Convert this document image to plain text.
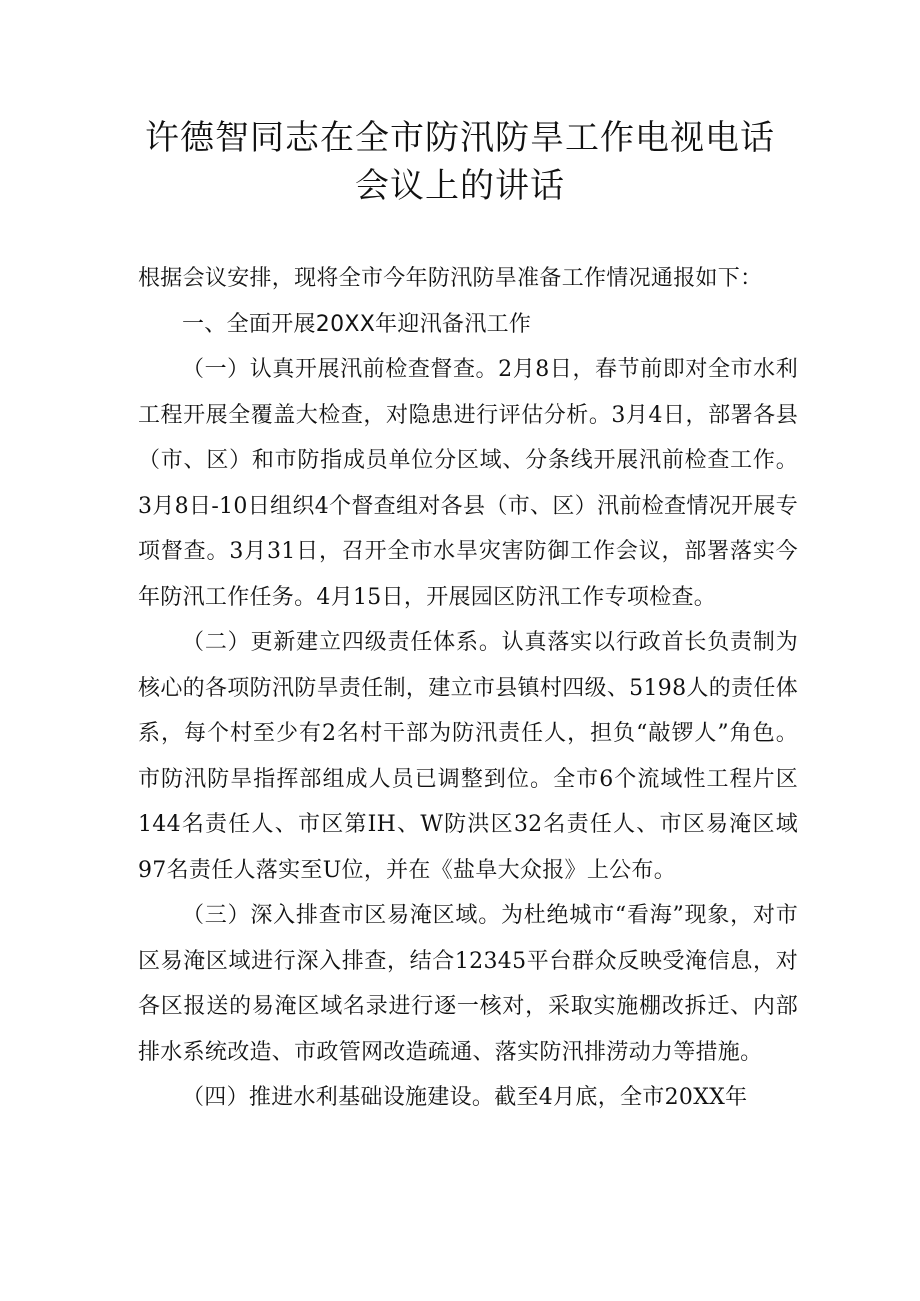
许德智同志在全市防汛防旱工作电视电话
会议上的讲话

根据会议安排，现将全市今年防汛防旱准备工作情况通报如下：

一、全面开展20XX年迎汛备汛工作

（一）认真开展汛前检查督查。2月8日，春节前即对全市水利工程开展全覆盖大检查，对隐患进行评估分析。3月4日，部署各县（市、区）和市防指成员单位分区域、分条线开展汛前检查工作。3月8日-10日组织4个督查组对各县（市、区）汛前检查情况开展专项督查。3月31日，召开全市水旱灾害防御工作会议，部署落实今年防汛工作任务。4月15日，开展园区防汛工作专项检查。

（二）更新建立四级责任体系。认真落实以行政首长负责制为核心的各项防汛防旱责任制，建立市县镇村四级、5198人的责任体系，每个村至少有2名村干部为防汛责任人，担负“敲锣人”角色。市防汛防旱指挥部组成人员已调整到位。全市6个流域性工程片区144名责任人、市区第IH、W防洪区32名责任人、市区易淹区域97名责任人落实至U位，并在《盐阜大众报》上公布。

（三）深入排查市区易淹区域。为杜绝城市“看海”现象，对市区易淹区域进行深入排查，结合12345平台群众反映受淹信息，对各区报送的易淹区域名录进行逐一核对，采取实施棚改拆迁、内部排水系统改造、市政管网改造疏通、落实防汛排涝动力等措施。

（四）推进水利基础设施建设。截至4月底，全市20XX年
